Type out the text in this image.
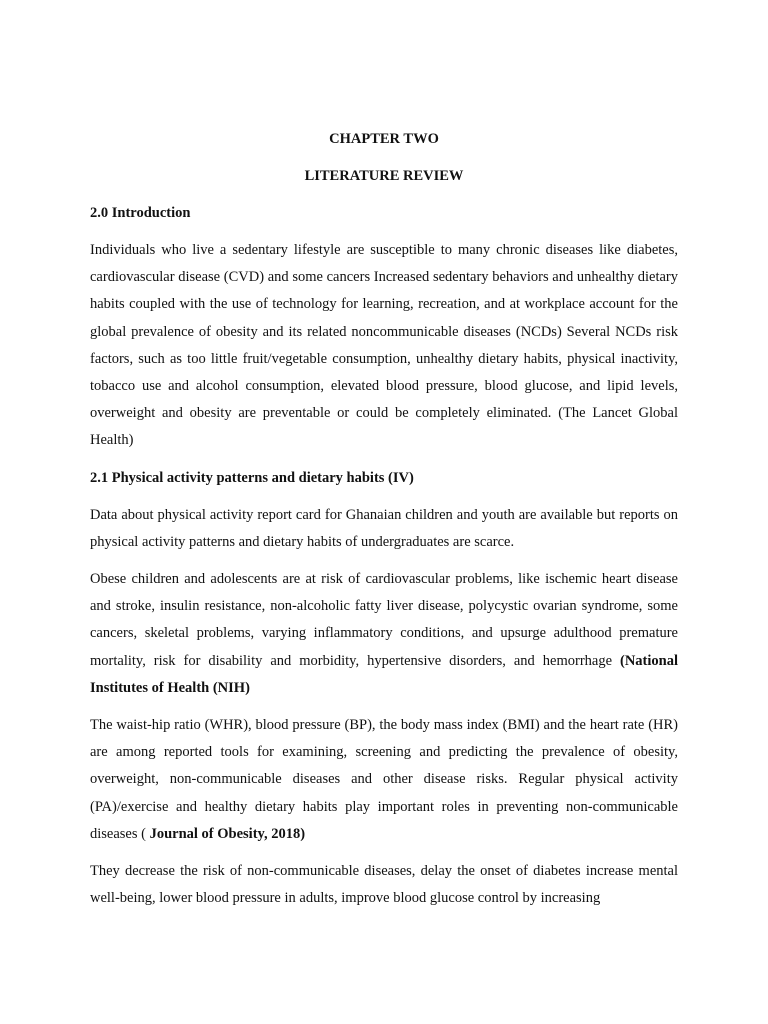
CHAPTER TWO
LITERATURE REVIEW
2.0 Introduction

Individuals who live a sedentary lifestyle are susceptible to many chronic diseases like diabetes, cardiovascular disease (CVD) and some cancers Increased sedentary behaviors and unhealthy dietary habits coupled with the use of technology for learning, recreation, and at workplace account for the global prevalence of obesity and its related noncommunicable diseases (NCDs) Several NCDs risk factors, such as too little fruit/vegetable consumption, unhealthy dietary habits, physical inactivity, tobacco use and alcohol consumption, elevated blood pressure, blood glucose, and lipid levels, overweight and obesity are preventable or could be completely eliminated. (The Lancet Global Health)

2.1 Physical activity patterns and dietary habits (IV)

Data about physical activity report card for Ghanaian children and youth are available but reports on physical activity patterns and dietary habits of undergraduates are scarce.

Obese children and adolescents are at risk of cardiovascular problems, like ischemic heart disease and stroke, insulin resistance, non-alcoholic fatty liver disease, polycystic ovarian syndrome, some cancers, skeletal problems, varying inflammatory conditions, and upsurge adulthood premature mortality, risk for disability and morbidity, hypertensive disorders, and hemorrhage (National Institutes of Health (NIH)

The waist-hip ratio (WHR), blood pressure (BP), the body mass index (BMI) and the heart rate (HR) are among reported tools for examining, screening and predicting the prevalence of obesity, overweight, non-communicable diseases and other disease risks. Regular physical activity (PA)/exercise and healthy dietary habits play important roles in preventing non-communicable diseases ( Journal of Obesity, 2018)

They decrease the risk of non-communicable diseases, delay the onset of diabetes increase mental well-being, lower blood pressure in adults, improve blood glucose control by increasing
